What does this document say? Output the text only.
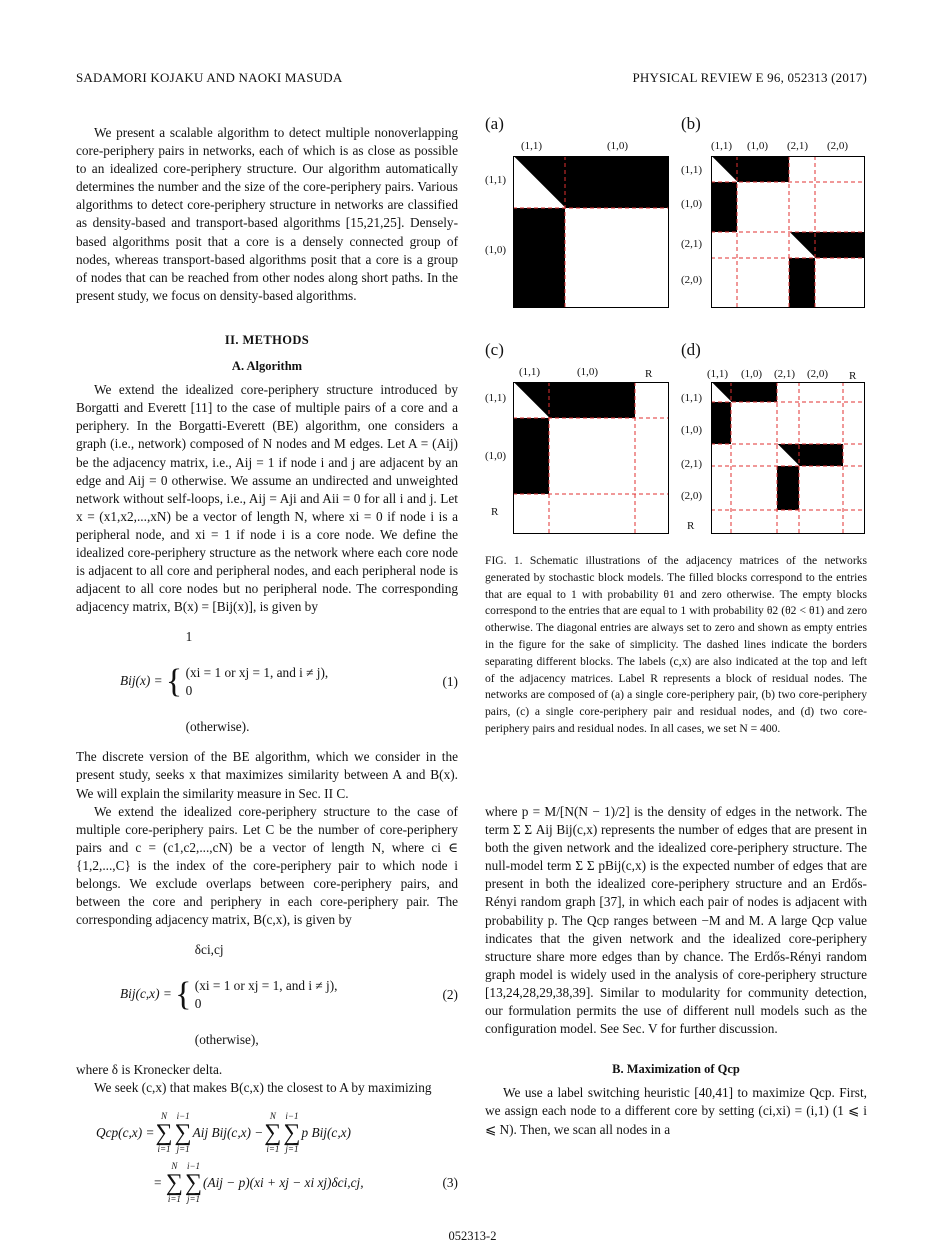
SADAMORI KOJAKU AND NAOKI MASUDA	PHYSICAL REVIEW E 96, 052313 (2017)

We present a scalable algorithm to detect multiple nonoverlapping core-periphery pairs in networks, each of which is as close as possible to an idealized core-periphery structure. Our algorithm automatically determines the number and the size of the core-periphery pairs. Various algorithms to detect core-periphery structure in networks are classified as density-based and transport-based algorithms [15,21,25]. Densely-based algorithms posit that a core is a densely connected group of nodes, whereas transport-based algorithms posit that a core is a group of nodes that can be reached from other nodes along short paths. In the present study, we focus on density-based algorithms.

II. METHODS
A. Algorithm

We extend the idealized core-periphery structure introduced by Borgatti and Everett [11] to the case of multiple pairs of a core and a periphery. In the Borgatti-Everett (BE) algorithm, one considers a graph (i.e., network) composed of N nodes and M edges. Let A = (Aij) be the adjacency matrix, i.e., Aij = 1 if node i and j are adjacent by an edge and Aij = 0 otherwise. We assume an undirected and unweighted network without self-loops, i.e., Aij = Aji and Aii = 0 for all i and j. Let x = (x1,x2,...,xN) be a vector of length N, where xi = 0 if node i is a peripheral node, and xi = 1 if node i is a core node. We define the idealized core-periphery structure as the network where each core node is adjacent to all core and peripheral nodes, and each peripheral node is adjacent to all core nodes but no peripheral node. The corresponding adjacency matrix, B(x) = [Bij(x)], is given by

Bij(x) = {
1

(xi = 1 or xj = 1, and i ≠ j),
0

(otherwise).
(1)

The discrete version of the BE algorithm, which we consider in the present study, seeks x that maximizes similarity between A and B(x). We will explain the similarity measure in Sec. II C.

We extend the idealized core-periphery structure to the case of multiple core-periphery pairs. Let C be the number of core-periphery pairs and c = (c1,c2,...,cN) be a vector of length N, where ci ∈ {1,2,...,C} is the index of the core-periphery pair to which node i belongs. We exclude overlaps between core-periphery pairs, and between the core and periphery in each core-periphery pair. The corresponding adjacency matrix, B(c,x), is given by

Bij(c,x) = {
δci,cj

(xi = 1 or xj = 1, and i ≠ j),
0

(otherwise),
(2)

where δ is Kronecker delta.

We seek (c,x) that makes B(c,x) the closest to A by maximizing

Qcp(c,x) =
N
∑
i=1
i−1
∑
j=1
Aij Bij(c,x) −
N
∑
i=1
i−1
∑
j=1
p Bij(c,x)
=
N
∑
i=1
i−1
∑
j=1
(Aij − p)(xi + xj − xi xj)δci,cj,	(3)
(a)
(1,1)	(1,0)
(1,1)
(1,0)
(b)
(1,1) (1,0) (2,1) (2,0)
(1,1)
(1,0)
(2,1)
(2,0)
(c)
(1,1)	(1,0)	R
(1,1)
(1,0)
R
(d)
(1,1) (1,0) (2,1) (2,0) R
(1,1)
(1,0)
(2,1)
(2,0)
R
FIG. 1. Schematic illustrations of the adjacency matrices of the networks generated by stochastic block models. The filled blocks correspond to the entries that are equal to 1 with probability θ1 and zero otherwise. The empty blocks correspond to the entries that are equal to 1 with probability θ2 (θ2 < θ1) and zero otherwise. The diagonal entries are always set to zero and shown as empty entries in the figure for the sake of simplicity. The dashed lines indicate the borders separating different blocks. The labels (c,x) are also indicated at the top and left of the adjacency matrices. Label R represents a block of residual nodes. The networks are composed of (a) a single core-periphery pair, (b) two core-periphery pairs, (c) a single core-periphery pair and residual nodes, and (d) two core-periphery pairs and residual nodes. In all cases, we set N = 400.

where p = M/[N(N − 1)/2] is the density of edges in the network. The term Σ Σ Aij Bij(c,x) represents the number of edges that are present in both the given network and the idealized core-periphery structure. The null-model term Σ Σ pBij(c,x) is the expected number of edges that are present in both the idealized core-periphery structure and an Erdős-Rényi random graph [37], in which each pair of nodes is adjacent with probability p. The Qcp ranges between −M and M. A large Qcp value indicates that the given network and the idealized core-periphery structure share more edges than by chance. The Erdős-Rényi random graph model is widely used in the analysis of core-periphery structure [13,24,28,29,38,39]. Similar to modularity for community detection, our formulation permits the use of different null models such as the configuration model. See Sec. V for further discussion.

B. Maximization of Qcp

We use a label switching heuristic [40,41] to maximize Qcp. First, we assign each node to a different core by setting (ci,xi) = (i,1) (1 ⩽ i ⩽ N). Then, we scan all nodes in a

052313-2
